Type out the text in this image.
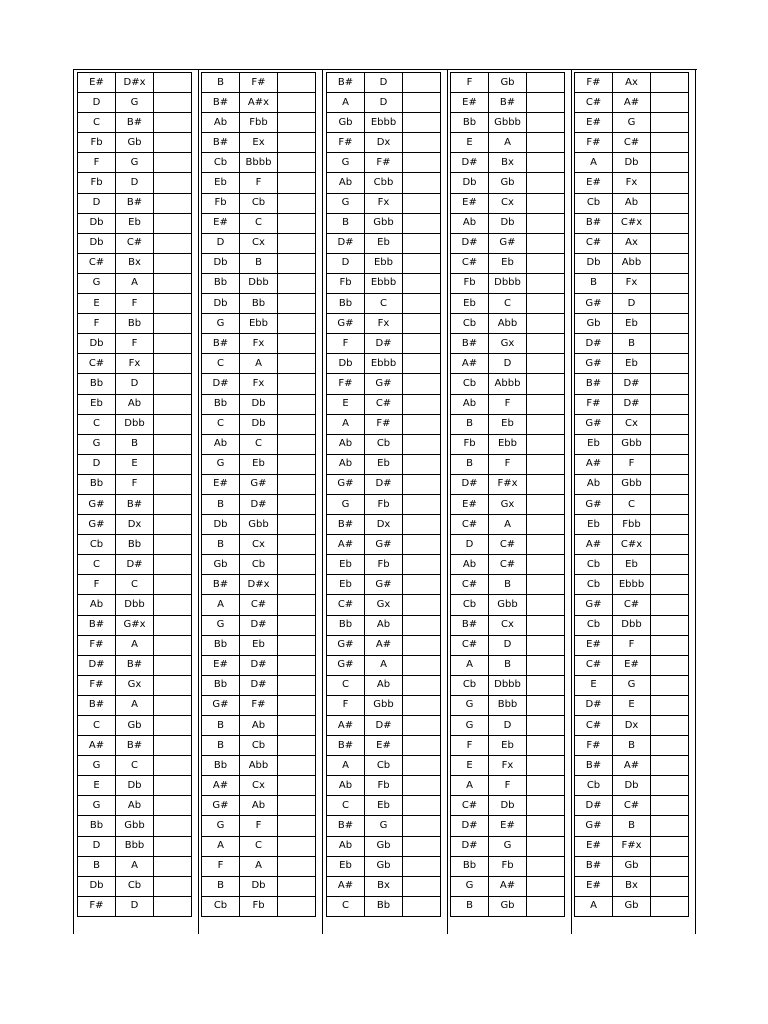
E#	D#x	
D	G	
C	B#	
Fb	Gb	
F	G	
Fb	D	
D	B#	
Db	Eb	
Db	C#	
C#	Bx	
G	A	
E	F	
F	Bb	
Db	F	
C#	Fx	
Bb	D	
Eb	Ab	
C	Dbb	
G	B	
D	E	
Bb	F	
G#	B#	
G#	Dx	
Cb	Bb	
C	D#	
F	C	
Ab	Dbb	
B#	G#x	
F#	A	
D#	B#	
F#	Gx	
B#	A	
C	Gb	
A#	B#	
G	C	
E	Db	
G	Ab	
Bb	Gbb	
D	Bbb	
B	A	
Db	Cb	
F#	D	
B	F#	
B#	A#x	
Ab	Fbb	
B#	Ex	
Cb	Bbbb	
Eb	F	
Fb	Cb	
E#	C	
D	Cx	
Db	B	
Bb	Dbb	
Db	Bb	
G	Ebb	
B#	Fx	
C	A	
D#	Fx	
Bb	Db	
C	Db	
Ab	C	
G	Eb	
E#	G#	
B	D#	
Db	Gbb	
B	Cx	
Gb	Cb	
B#	D#x	
A	C#	
G	D#	
Bb	Eb	
E#	D#	
Bb	D#	
G#	F#	
B	Ab	
B	Cb	
Bb	Abb	
A#	Cx	
G#	Ab	
G	F	
A	C	
F	A	
B	Db	
Cb	Fb	
B#	D	
A	D	
Gb	Ebbb	
F#	Dx	
G	F#	
Ab	Cbb	
G	Fx	
B	Gbb	
D#	Eb	
D	Ebb	
Fb	Ebbb	
Bb	C	
G#	Fx	
F	D#	
Db	Ebbb	
F#	G#	
E	C#	
A	F#	
Ab	Cb	
Ab	Eb	
G#	D#	
G	Fb	
B#	Dx	
A#	G#	
Eb	Fb	
Eb	G#	
C#	Gx	
Bb	Ab	
G#	A#	
G#	A	
C	Ab	
F	Gbb	
A#	D#	
B#	E#	
A	Cb	
Ab	Fb	
C	Eb	
B#	G	
Ab	Gb	
Eb	Gb	
A#	Bx	
C	Bb	
F	Gb	
E#	B#	
Bb	Gbbb	
E	A	
D#	Bx	
Db	Gb	
E#	Cx	
Ab	Db	
D#	G#	
C#	Eb	
Fb	Dbbb	
Eb	C	
Cb	Abb	
B#	Gx	
A#	D	
Cb	Abbb	
Ab	F	
B	Eb	
Fb	Ebb	
B	F	
D#	F#x	
E#	Gx	
C#	A	
D	C#	
Ab	C#	
C#	B	
Cb	Gbb	
B#	Cx	
C#	D	
A	B	
Cb	Dbbb	
G	Bbb	
G	D	
F	Eb	
E	Fx	
A	F	
C#	Db	
D#	E#	
D#	G	
Bb	Fb	
G	A#	
B	Gb	
F#	Ax	
C#	A#	
E#	G	
F#	C#	
A	Db	
E#	Fx	
Cb	Ab	
B#	C#x	
C#	Ax	
Db	Abb	
B	Fx	
G#	D	
Gb	Eb	
D#	B	
G#	Eb	
B#	D#	
F#	D#	
G#	Cx	
Eb	Gbb	
A#	F	
Ab	Gbb	
G#	C	
Eb	Fbb	
A#	C#x	
Cb	Eb	
Cb	Ebbb	
G#	C#	
Cb	Dbb	
E#	F	
C#	E#	
E	G	
D#	E	
C#	Dx	
F#	B	
B#	A#	
Cb	Db	
D#	C#	
G#	B	
E#	F#x	
B#	Gb	
E#	Bx	
A	Gb	
